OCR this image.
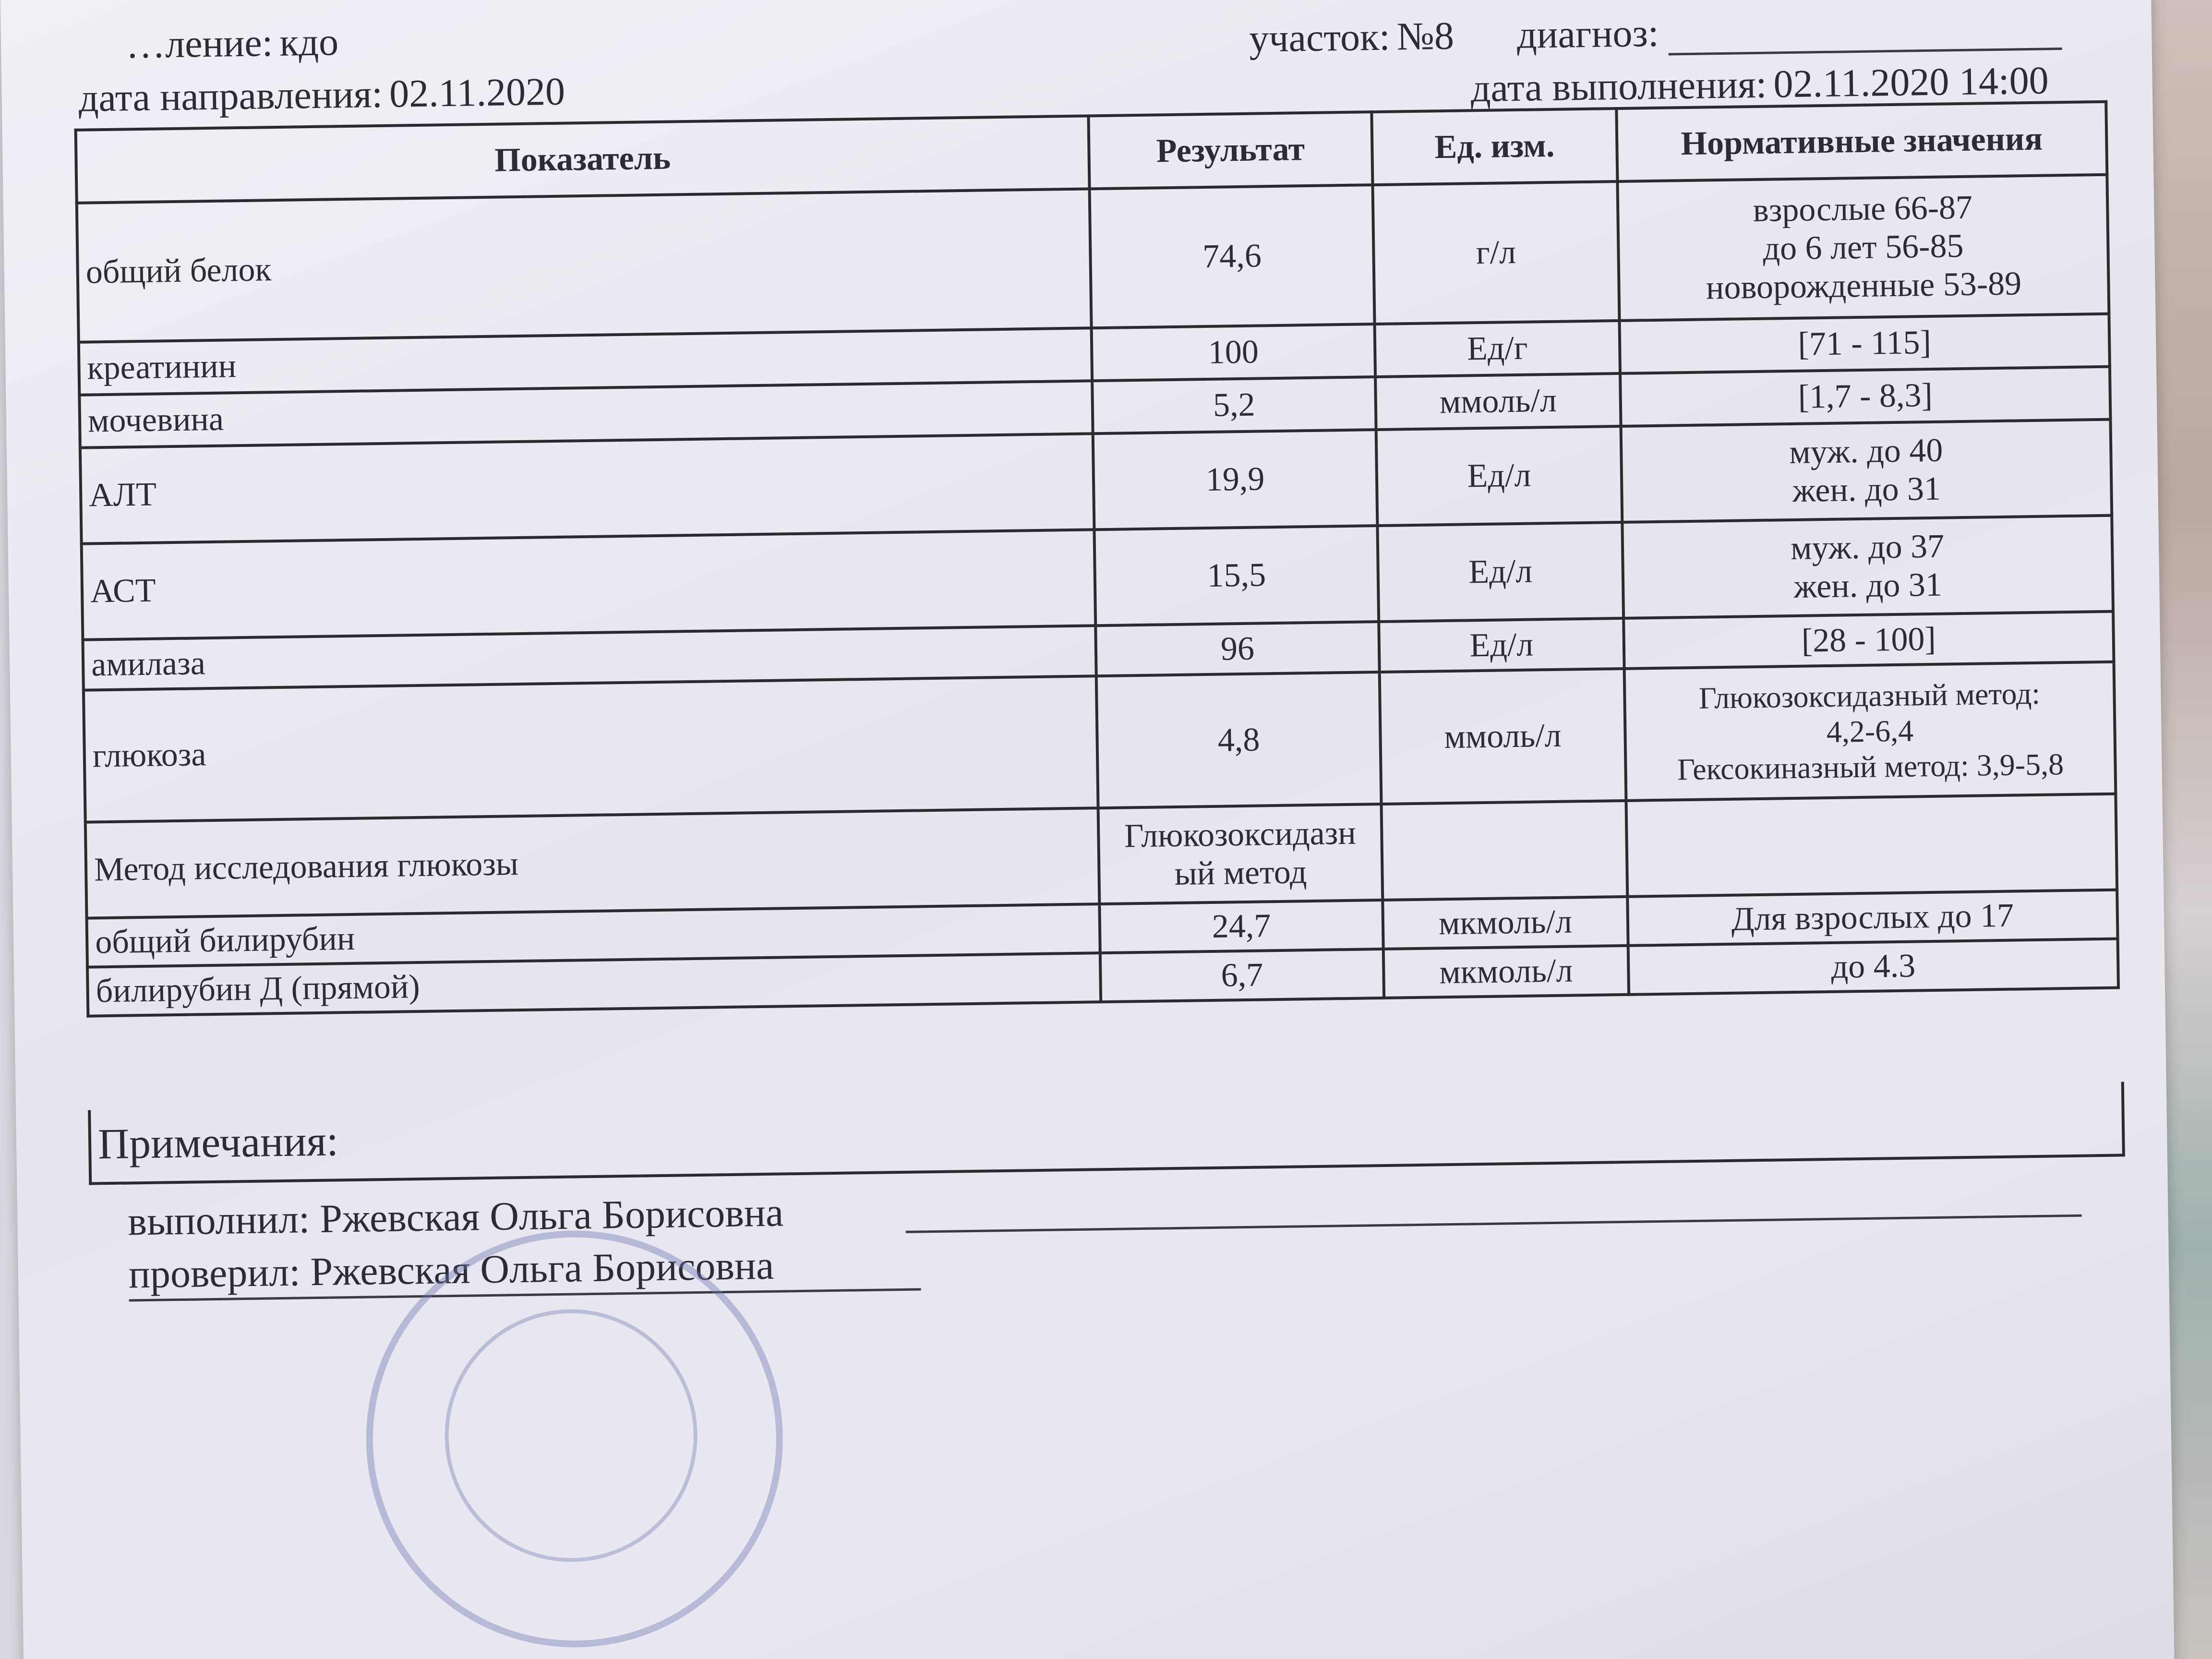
…ление: кдо	участок: №8 диагноз:
дата направления: 02.11.2020	дата выполнения: 02.11.2020 14:00
Показатель	Результат	Ед. изм.	Нормативные значения
общий белок	74,6	г/л	взрослые 66-87
до 6 лет 56-85
новорожденные 53-89

креатинин	100	Ед/г	[71 - 115]
мочевина	5,2	ммоль/л	[1,7 - 8,3]
АЛТ	19,9	Ед/л	муж. до 40
жен. до 31

АСТ	15,5	Ед/л	муж. до 37
жен. до 31

амилаза	96	Ед/л	[28 - 100]
глюкоза	4,8	ммоль/л	Глюкозоксидазный метод:
4,2-6,4
Гексокиназный метод: 3,9-5,8

Метод исследования глюкозы	Глюкозоксидазн ый метод		
общий билирубин	24,7	мкмоль/л	Для взрослых до 17
билирубин Д (прямой)	6,7	мкмоль/л	до 4.3
Примечания:
выполнил: Ржевская Ольга Борисовна
проверил: Ржевская Ольга Борисовна
